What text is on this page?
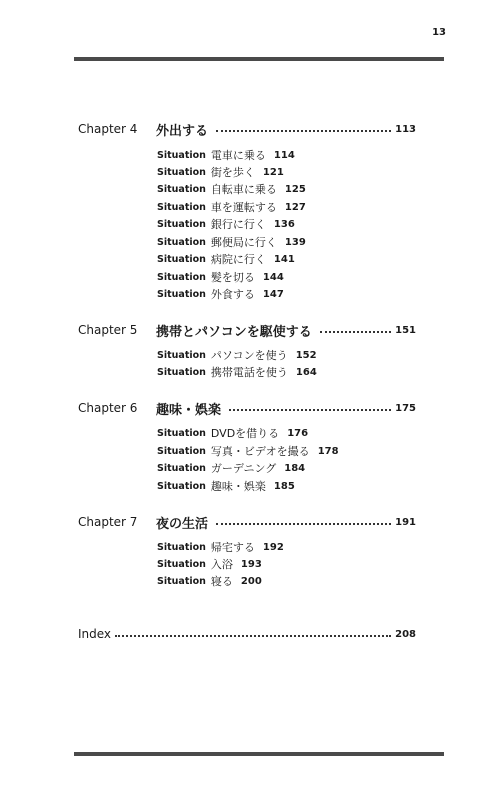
13
Chapter 4	外出する	113
Situation 電車に乗る 114
Situation 街を歩く 121
Situation 自転車に乗る 125
Situation 車を運転する 127
Situation 銀行に行く 136
Situation 郵便局に行く 139
Situation 病院に行く 141
Situation 髪を切る 144
Situation 外食する 147
Chapter 5	携帯とパソコンを駆使する	151
Situation パソコンを使う 152
Situation 携帯電話を使う 164
Chapter 6	趣味・娯楽	175
Situation DVDを借りる 176
Situation 写真・ビデオを撮る 178
Situation ガーデニング 184
Situation 趣味・娯楽 185
Chapter 7	夜の生活	191
Situation 帰宅する 192
Situation 入浴 193
Situation 寝る 200
Index	208
